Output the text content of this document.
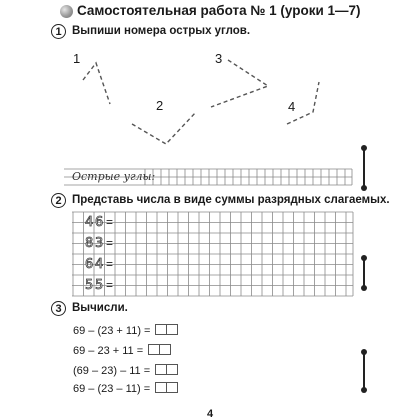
Самостоятельная работа № 1 (уроки 1—7)
1 Выпиши номера острых углов.
1
2
3
4
Острые углы:
2 Представь числа в виде суммы разрядных слагаемых.
4 6 =
8 3 =
6 4 =
5 5 =
3 Вычисли.
69 – (23 + 11) =
69 – 23 + 11 =
(69 – 23) – 11 =
69 – (23 – 11) =
4
